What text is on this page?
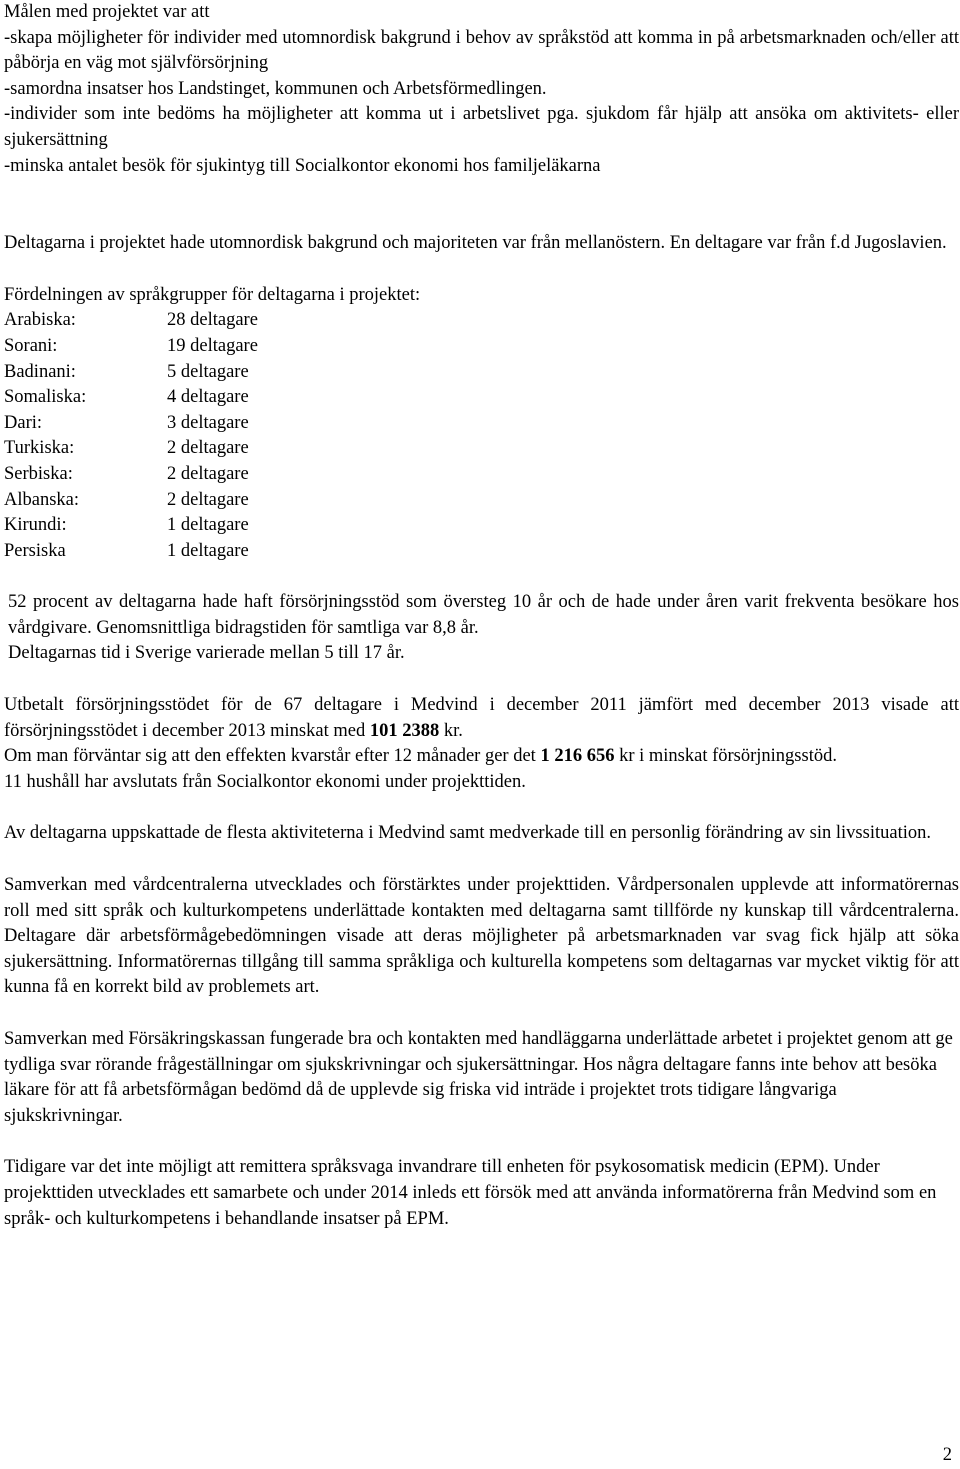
Målen med projektet var att

-skapa möjligheter för individer med utomnordisk bakgrund i behov av språkstöd att komma in på arbetsmarknaden och/eller att påbörja en väg mot självförsörjning

-samordna insatser hos Landstinget, kommunen och Arbetsförmedlingen.

-individer som inte bedöms ha möjligheter att komma ut i arbetslivet pga. sjukdom får hjälp att ansöka om aktivitets- eller sjukersättning

-minska antalet besök för sjukintyg till Socialkontor ekonomi hos familjeläkarna

Deltagarna i projektet hade utomnordisk bakgrund och majoriteten var från mellanöstern. En deltagare var från f.d Jugoslavien.

Fördelningen av språkgrupper för deltagarna i projektet:

Arabiska:	28 deltagare
Sorani:	19 deltagare
Badinani:	5 deltagare
Somaliska:	4 deltagare
Dari:	3 deltagare
Turkiska:	2 deltagare
Serbiska:	2 deltagare
Albanska:	2 deltagare
Kirundi:	1 deltagare
Persiska	1 deltagare

52 procent av deltagarna hade haft försörjningsstöd som översteg 10 år och de hade under åren varit frekventa besökare hos vårdgivare. Genomsnittliga bidragstiden för samtliga var 8,8 år.

Deltagarnas tid i Sverige varierade mellan 5 till 17 år.

Utbetalt försörjningsstödet för de 67 deltagare i Medvind i december 2011 jämfört med december 2013 visade att försörjningsstödet i december 2013 minskat med 101 2388 kr.

Om man förväntar sig att den effekten kvarstår efter 12 månader ger det 1 216 656 kr i minskat försörjningsstöd.

11 hushåll har avslutats från Socialkontor ekonomi under projekttiden.

Av deltagarna uppskattade de flesta aktiviteterna i Medvind samt medverkade till en personlig förändring av sin livssituation.

Samverkan med vårdcentralerna utvecklades och förstärktes under projekttiden. Vårdpersonalen upplevde att informatörernas roll med sitt språk och kulturkompetens underlättade kontakten med deltagarna samt tillförde ny kunskap till vårdcentralerna. Deltagare där arbetsförmågebedömningen visade att deras möjligheter på arbetsmarknaden var svag fick hjälp att söka sjukersättning. Informatörernas tillgång till samma språkliga och kulturella kompetens som deltagarnas var mycket viktig för att kunna få en korrekt bild av problemets art.

Samverkan med Försäkringskassan fungerade bra och kontakten med handläggarna underlättade arbetet i projektet genom att ge tydliga svar rörande frågeställningar om sjukskrivningar och sjukersättningar. Hos några deltagare fanns inte behov att besöka läkare för att få arbetsförmågan bedömd då de upplevde sig friska vid inträde i projektet trots tidigare långvariga sjukskrivningar.

Tidigare var det inte möjligt att remittera språksvaga invandrare till enheten för psykosomatisk medicin (EPM). Under projekttiden utvecklades ett samarbete och under 2014 inleds ett försök med att använda informatörerna från Medvind som en språk- och kulturkompetens i behandlande insatser på EPM.

2
